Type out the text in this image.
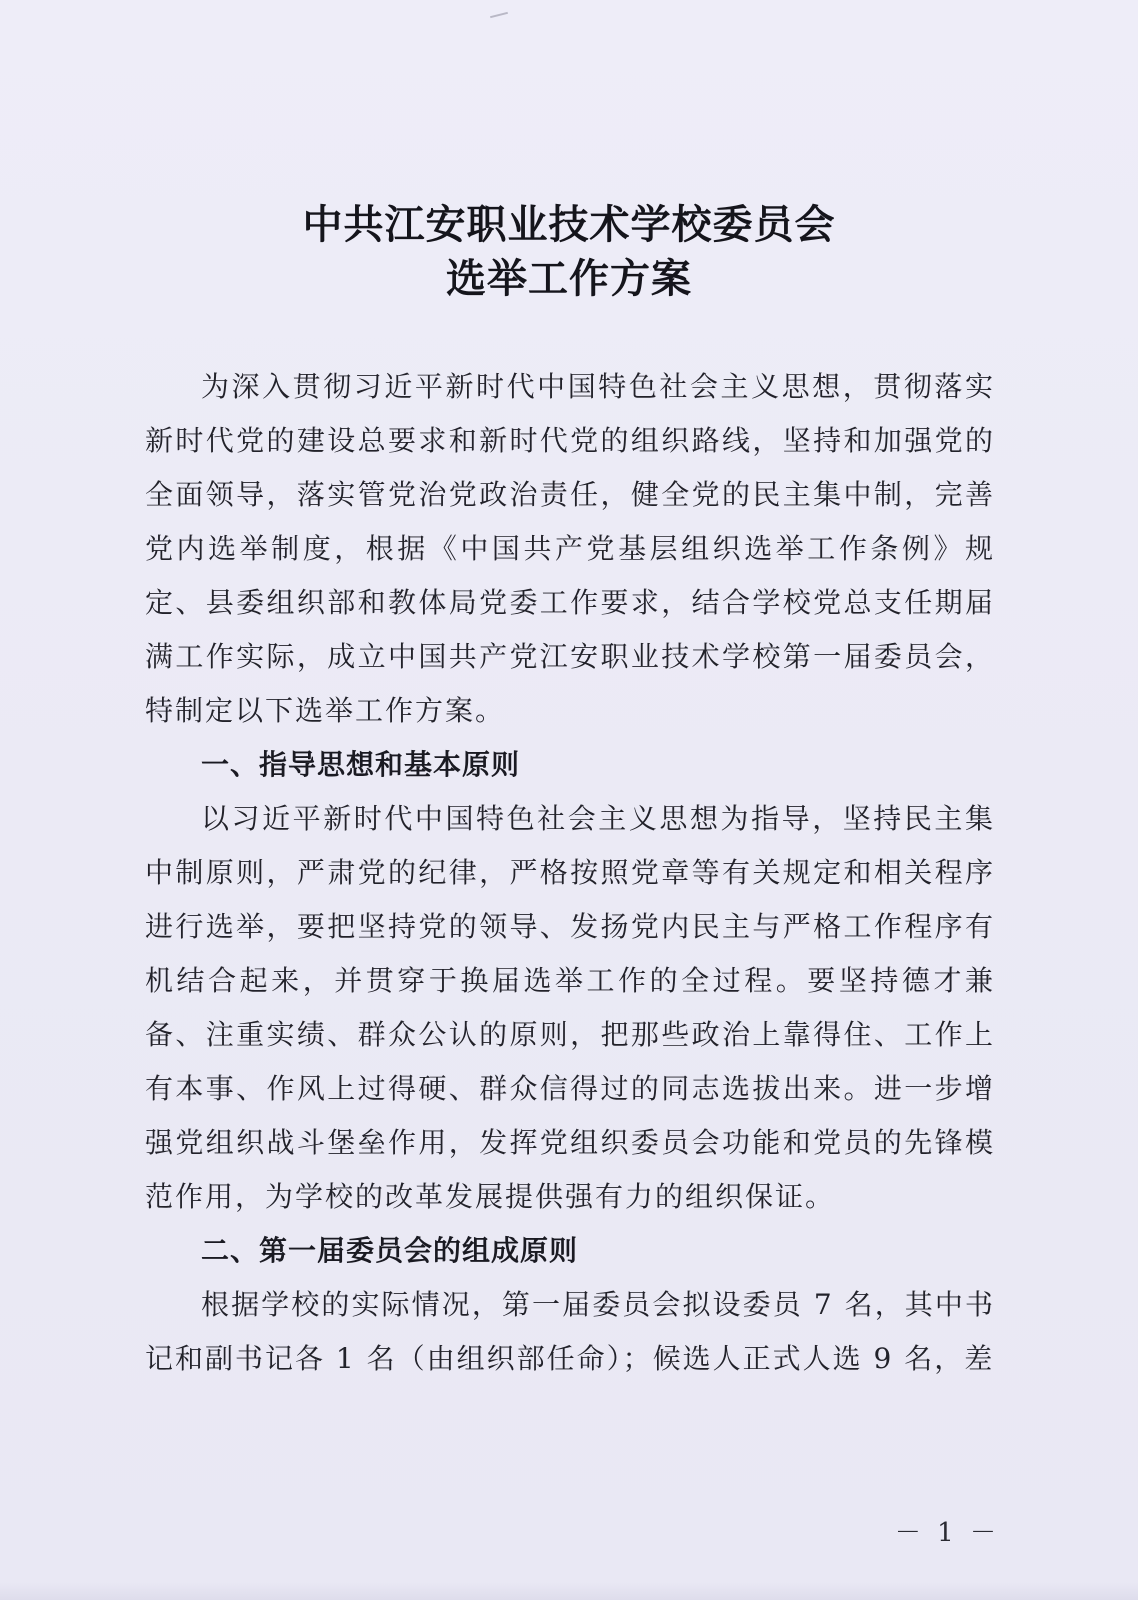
中共江安职业技术学校委员会
选举工作方案

为深入贯彻习近平新时代中国特色社会主义思想，贯彻落实新时代党的建设总要求和新时代党的组织路线，坚持和加强党的全面领导，落实管党治党政治责任，健全党的民主集中制，完善党内选举制度，根据《中国共产党基层组织选举工作条例》规定、县委组织部和教体局党委工作要求，结合学校党总支任期届满工作实际，成立中国共产党江安职业技术学校第一届委员会，特制定以下选举工作方案。

一、指导思想和基本原则

以习近平新时代中国特色社会主义思想为指导，坚持民主集中制原则，严肃党的纪律，严格按照党章等有关规定和相关程序进行选举，要把坚持党的领导、发扬党内民主与严格工作程序有机结合起来，并贯穿于换届选举工作的全过程。要坚持德才兼备、注重实绩、群众公认的原则，把那些政治上靠得住、工作上有本事、作风上过得硬、群众信得过的同志选拔出来。进一步增强党组织战斗堡垒作用，发挥党组织委员会功能和党员的先锋模范作用，为学校的改革发展提供强有力的组织保证。

二、第一届委员会的组成原则

根据学校的实际情况，第一届委员会拟设委员 7 名，其中书记和副书记各 1 名（由组织部任命）；候选人正式人选 9 名，差

－ 1 －
